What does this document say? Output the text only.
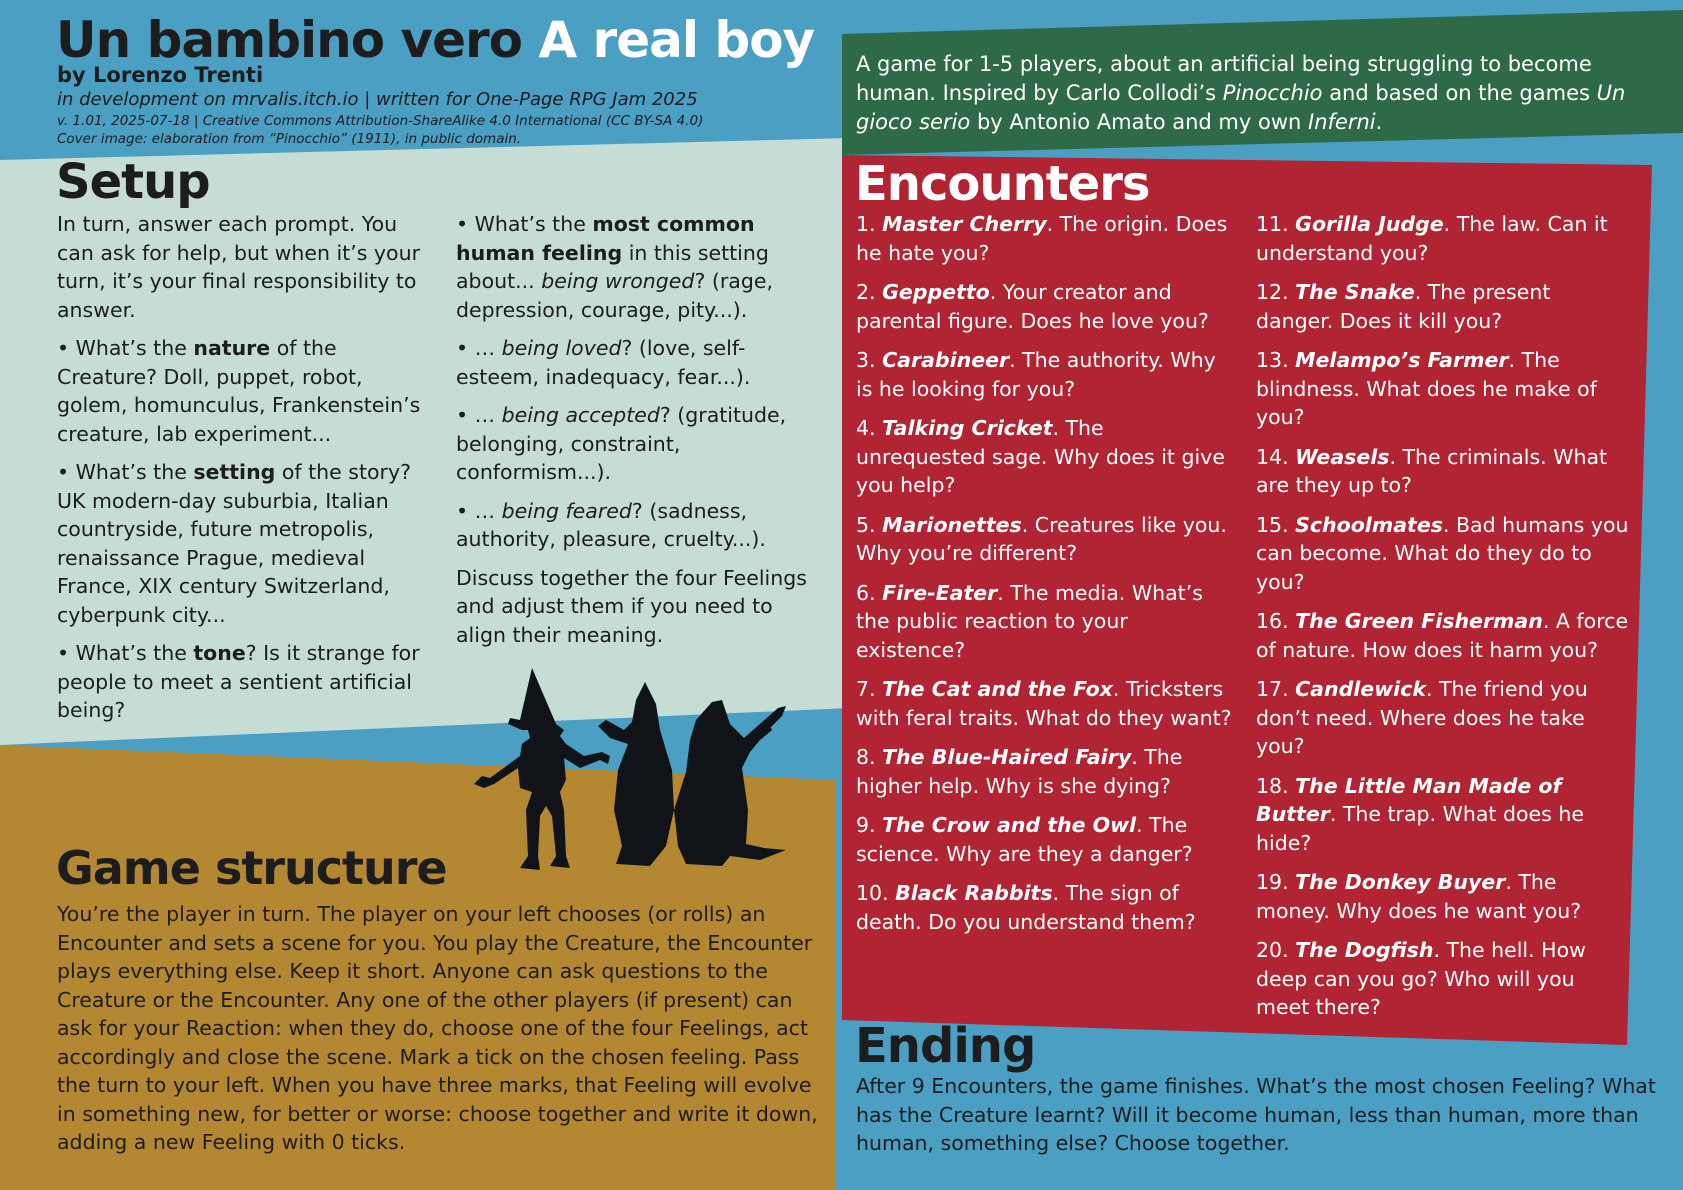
Un bambino vero A real boy
by Lorenzo Trenti
in development on mrvalis.itch.io | written for One-Page RPG Jam 2025
v. 1.01, 2025-07-18 | Creative Commons Attribution-ShareAlike 4.0 International (CC BY-SA 4.0)
Cover image: elaboration from “Pinocchio” (1911), in public domain.
A game for 1-5 players, about an artificial being struggling to become human. Inspired by Carlo Collodi’s Pinocchio and based on the games Un gioco serio by Antonio Amato and my own Inferni.
Setup

In turn, answer each prompt. You can ask for help, but when it’s your turn, it’s your final responsibility to answer.

• What’s the nature of the Creature? Doll, puppet, robot, golem, homunculus, Frankenstein’s creature, lab experiment...

• What’s the setting of the story? UK modern-day suburbia, Italian countryside, future metropolis, renaissance Prague, medieval France, XIX century Switzerland, cyberpunk city...

• What’s the tone? Is it strange for people to meet a sentient artificial being?

• What’s the most common human feeling in this setting about... being wronged? (rage, depression, courage, pity...).

• … being loved? (love, self-esteem, inadequacy, fear...).

• … being accepted? (gratitude, belonging, constraint, conformism...).

• … being feared? (sadness, authority, pleasure, cruelty...).

Discuss together the four Feelings and adjust them if you need to align their meaning.

Encounters

1. Master Cherry. The origin. Does he hate you?

2. Geppetto. Your creator and parental figure. Does he love you?

3. Carabineer. The authority. Why is he looking for you?

4. Talking Cricket. The unrequested sage. Why does it give you help?

5. Marionettes. Creatures like you. Why you’re different?

6. Fire-Eater. The media. What’s the public reaction to your existence?

7. The Cat and the Fox. Tricksters with feral traits. What do they want?

8. The Blue-Haired Fairy. The higher help. Why is she dying?

9. The Crow and the Owl. The science. Why are they a danger?

10. Black Rabbits. The sign of death. Do you understand them?

11. Gorilla Judge. The law. Can it understand you?

12. The Snake. The present danger. Does it kill you?

13. Melampo’s Farmer. The blindness. What does he make of you?

14. Weasels. The criminals. What are they up to?

15. Schoolmates. Bad humans you can become. What do they do to you?

16. The Green Fisherman. A force of nature. How does it harm you?

17. Candlewick. The friend you don’t need. Where does he take you?

18. The Little Man Made of Butter. The trap. What does he hide?

19. The Donkey Buyer. The money. Why does he want you?

20. The Dogfish. The hell. How deep can you go? Who will you meet there?

Game structure
You’re the player in turn. The player on your left chooses (or rolls) an Encounter and sets a scene for you. You play the Creature, the Encounter plays everything else. Keep it short. Anyone can ask questions to the Creature or the Encounter. Any one of the other players (if present) can ask for your Reaction: when they do, choose one of the four Feelings, act accordingly and close the scene. Mark a tick on the chosen feeling. Pass the turn to your left. When you have three marks, that Feeling will evolve in something new, for better or worse: choose together and write it down, adding a new Feeling with 0 ticks.
Ending
After 9 Encounters, the game finishes. What’s the most chosen Feeling? What has the Creature learnt? Will it become human, less than human, more than human, something else? Choose together.
